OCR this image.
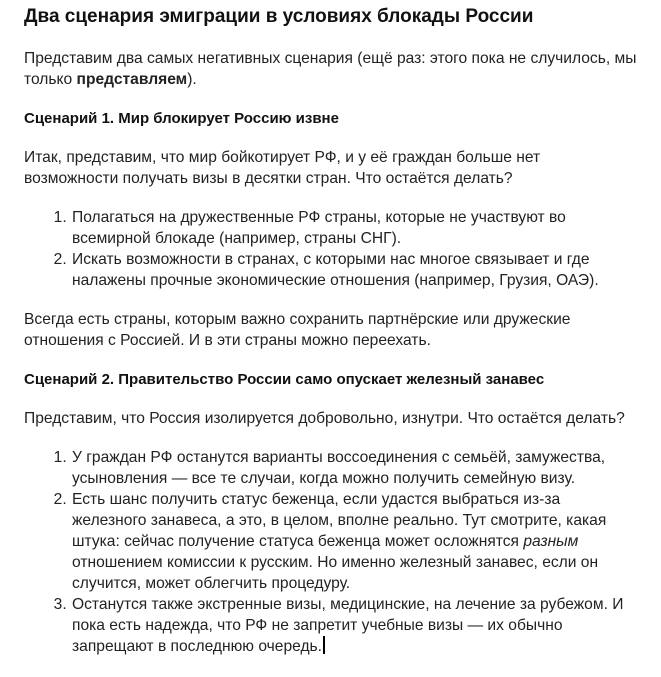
Два сценария эмиграции в условиях блокады России

Представим два самых негативных сценария (ещё раз: этого пока не случилось, мы только представляем).

Сценарий 1. Мир блокирует Россию извне

Итак, представим, что мир бойкотирует РФ, и у её граждан больше нет возможности получать визы в десятки стран. Что остаётся делать?

1. Полагаться на дружественные РФ страны, которые не участвуют во всемирной блокаде (например, страны СНГ).
2. Искать возможности в странах, с которыми нас многое связывает и где налажены прочные экономические отношения (например, Грузия, ОАЭ).

Всегда есть страны, которым важно сохранить партнёрские или дружеские отношения с Россией. И в эти страны можно переехать.

Сценарий 2. Правительство России само опускает железный занавес

Представим, что Россия изолируется добровольно, изнутри. Что остаётся делать?

1. У граждан РФ останутся варианты воссоединения с семьёй, замужества, усыновления — все те случаи, когда можно получить семейную визу.
2. Есть шанс получить статус беженца, если удастся выбраться из-за железного занавеса, а это, в целом, вполне реально. Тут смотрите, какая штука: сейчас получение статуса беженца может осложнятся разным отношением комиссии к русским. Но именно железный занавес, если он случится, может облегчить процедуру.
3. Останутся также экстренные визы, медицинские, на лечение за рубежом. И пока есть надежда, что РФ не запретит учебные визы — их обычно запрещают в последнюю очередь.
